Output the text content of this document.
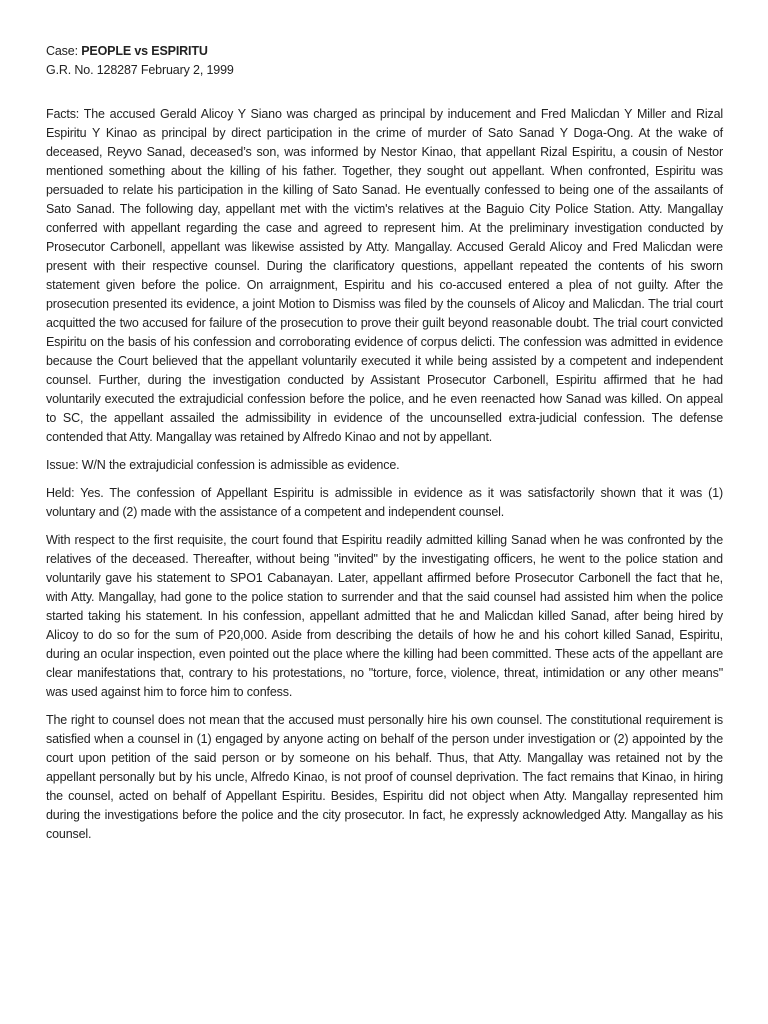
Case: PEOPLE vs ESPIRITU

G.R. No. 128287 February 2, 1999

Facts: The accused Gerald Alicoy Y Siano was charged as principal by inducement and Fred Malicdan Y Miller and Rizal Espiritu Y Kinao as principal by direct participation in the crime of murder of Sato Sanad Y Doga-Ong. At the wake of deceased, Reyvo Sanad, deceased’s son, was informed by Nestor Kinao, that appellant Rizal Espiritu, a cousin of Nestor mentioned something about the killing of his father. Together, they sought out appellant. When confronted, Espiritu was persuaded to relate his participation in the killing of Sato Sanad. He eventually confessed to being one of the assailants of Sato Sanad. The following day, appellant met with the victim's relatives at the Baguio City Police Station. Atty. Mangallay conferred with appellant regarding the case and agreed to represent him. At the preliminary investigation conducted by Prosecutor Carbonell, appellant was likewise assisted by Atty. Mangallay. Accused Gerald Alicoy and Fred Malicdan were present with their respective counsel. During the clarificatory questions, appellant repeated the contents of his sworn statement given before the police. On arraignment, Espiritu and his co-accused entered a plea of not guilty. After the prosecution presented its evidence, a joint Motion to Dismiss was filed by the counsels of Alicoy and Malicdan. The trial court acquitted the two accused for failure of the prosecution to prove their guilt beyond reasonable doubt. The trial court convicted Espiritu on the basis of his confession and corroborating evidence of corpus delicti. The confession was admitted in evidence because the Court believed that the appellant voluntarily executed it while being assisted by a competent and independent counsel. Further, during the investigation conducted by Assistant Prosecutor Carbonell, Espiritu affirmed that he had voluntarily executed the extrajudicial confession before the police, and he even reenacted how Sanad was killed. On appeal to SC, the appellant assailed the admissibility in evidence of the uncounselled extra-judicial confession. The defense contended that Atty. Mangallay was retained by Alfredo Kinao and not by appellant.

Issue: W/N the extrajudicial confession is admissible as evidence.

Held: Yes. The confession of Appellant Espiritu is admissible in evidence as it was satisfactorily shown that it was (1) voluntary and (2) made with the assistance of a competent and independent counsel.

With respect to the first requisite, the court found that Espiritu readily admitted killing Sanad when he was confronted by the relatives of the deceased. Thereafter, without being "invited" by the investigating officers, he went to the police station and voluntarily gave his statement to SPO1 Cabanayan. Later, appellant affirmed before Prosecutor Carbonell the fact that he, with Atty. Mangallay, had gone to the police station to surrender and that the said counsel had assisted him when the police started taking his statement. In his confession, appellant admitted that he and Malicdan killed Sanad, after being hired by Alicoy to do so for the sum of P20,000. Aside from describing the details of how he and his cohort killed Sanad, Espiritu, during an ocular inspection, even pointed out the place where the killing had been committed. These acts of the appellant are clear manifestations that, contrary to his protestations, no "torture, force, violence, threat, intimidation or any other means" was used against him to force him to confess.

The right to counsel does not mean that the accused must personally hire his own counsel. The constitutional requirement is satisfied when a counsel in (1) engaged by anyone acting on behalf of the person under investigation or (2) appointed by the court upon petition of the said person or by someone on his behalf. Thus, that Atty. Mangallay was retained not by the appellant personally but by his uncle, Alfredo Kinao, is not proof of counsel deprivation. The fact remains that Kinao, in hiring the counsel, acted on behalf of Appellant Espiritu. Besides, Espiritu did not object when Atty. Mangallay represented him during the investigations before the police and the city prosecutor. In fact, he expressly acknowledged Atty. Mangallay as his counsel.
